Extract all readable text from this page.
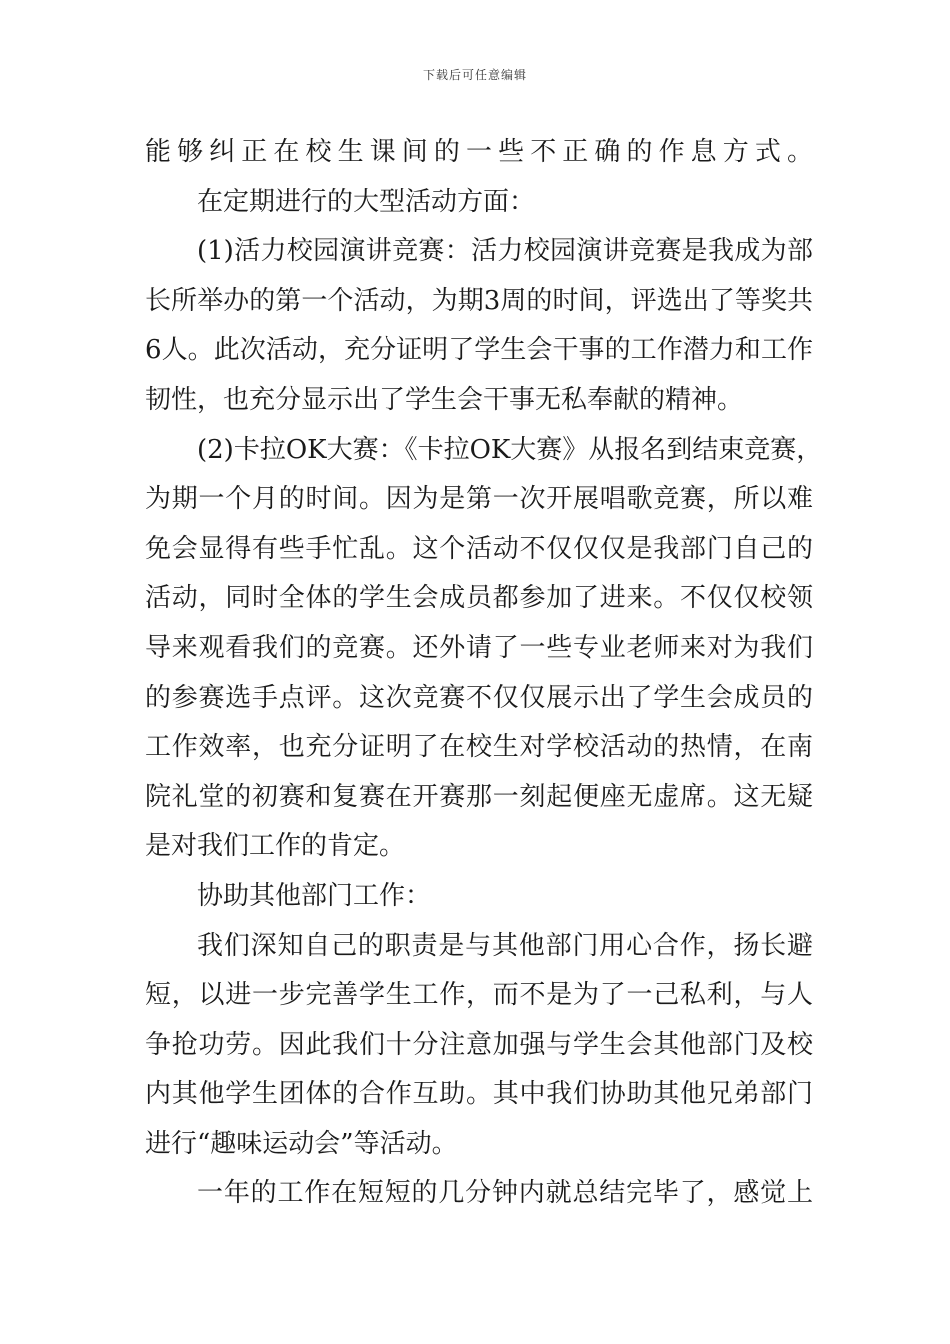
下载后可任意编辑
能够纠正在校生课间的一些不正确的作息方式。
在定期进行的大型活动方面：
(1)活力校园演讲竞赛：活力校园演讲竞赛是我成为部
长所举办的第一个活动，为期3周的时间，评选出了等奖共
6人。此次活动，充分证明了学生会干事的工作潜力和工作
韧性，也充分显示出了学生会干事无私奉献的精神。
(2)卡拉OK大赛：《卡拉OK大赛》从报名到结束竞赛，
为期一个月的时间。因为是第一次开展唱歌竞赛，所以难
免会显得有些手忙乱。这个活动不仅仅仅是我部门自己的
活动，同时全体的学生会成员都参加了进来。不仅仅校领
导来观看我们的竞赛。还外请了一些专业老师来对为我们
的参赛选手点评。这次竞赛不仅仅展示出了学生会成员的
工作效率，也充分证明了在校生对学校活动的热情，在南
院礼堂的初赛和复赛在开赛那一刻起便座无虚席。这无疑
是对我们工作的肯定。
协助其他部门工作：
我们深知自己的职责是与其他部门用心合作，扬长避
短，以进一步完善学生工作，而不是为了一己私利，与人
争抢功劳。因此我们十分注意加强与学生会其他部门及校
内其他学生团体的合作互助。其中我们协助其他兄弟部门
进行“趣味运动会”等活动。
一年的工作在短短的几分钟内就总结完毕了，感觉上
